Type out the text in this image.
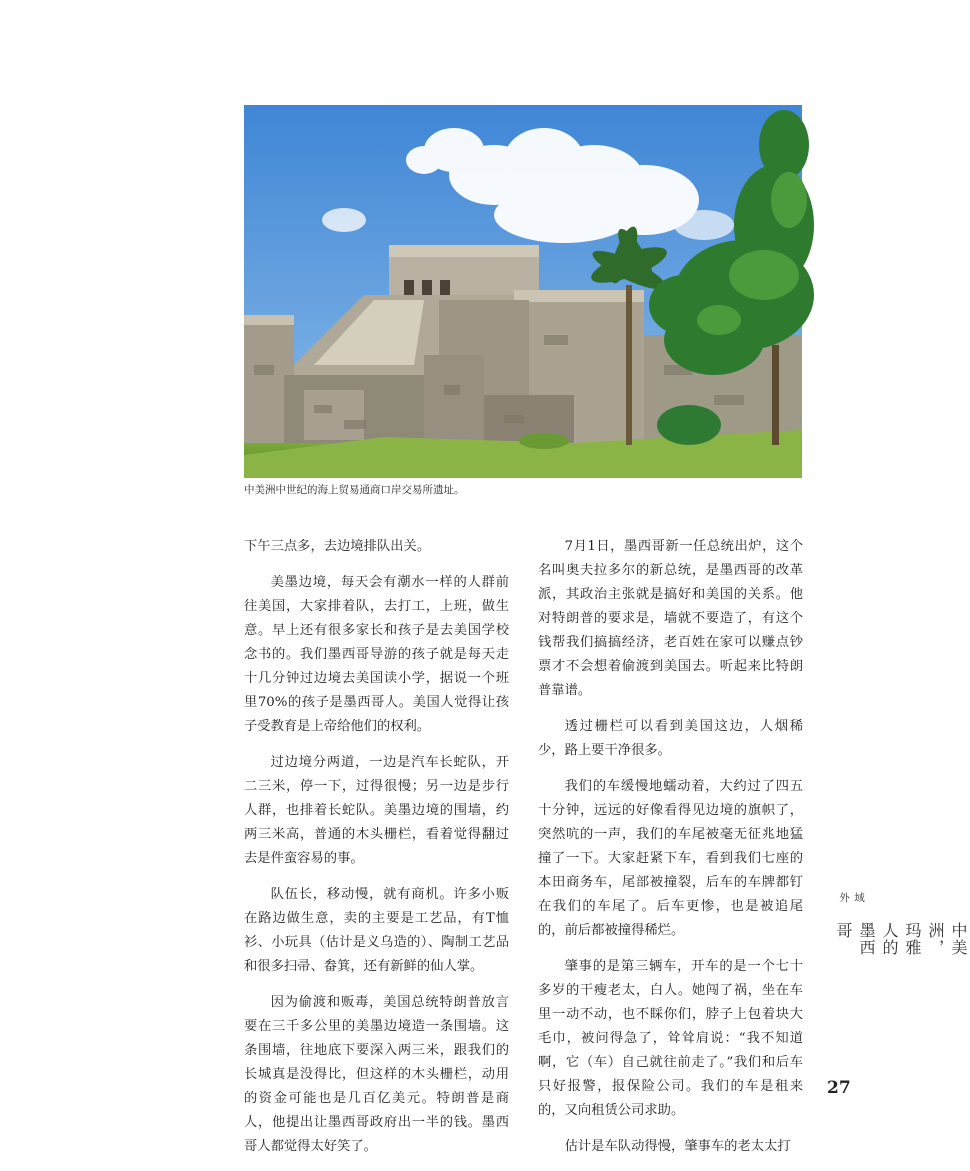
中美洲中世纪的海上贸易通商口岸交易所遗址。

下午三点多，去边境排队出关。

美墨边境，每天会有潮水一样的人群前往美国，大家排着队，去打工，上班，做生意。早上还有很多家长和孩子是去美国学校念书的。我们墨西哥导游的孩子就是每天走十几分钟过边境去美国读小学，据说一个班里70%的孩子是墨西哥人。美国人觉得让孩子受教育是上帝给他们的权利。

过边境分两道，一边是汽车长蛇队，开二三米，停一下，过得很慢；另一边是步行人群，也排着长蛇队。美墨边境的围墙，约两三米高，普通的木头栅栏，看着觉得翻过去是件蛮容易的事。

队伍长，移动慢，就有商机。许多小贩在路边做生意，卖的主要是工艺品，有T恤衫、小玩具（估计是义乌造的）、陶制工艺品和很多扫帚、畚箕，还有新鲜的仙人掌。

因为偷渡和贩毒，美国总统特朗普放言要在三千多公里的美墨边境造一条围墙。这条围墙，往地底下要深入两三米，跟我们的长城真是没得比，但这样的木头栅栏，动用的资金可能也是几百亿美元。特朗普是商人，他提出让墨西哥政府出一半的钱。墨西哥人都觉得太好笑了。

7月1日，墨西哥新一任总统出炉，这个名叫奥夫拉多尔的新总统，是墨西哥的改革派，其政治主张就是搞好和美国的关系。他对特朗普的要求是，墙就不要造了，有这个钱帮我们搞搞经济，老百姓在家可以赚点钞票才不会想着偷渡到美国去。听起来比特朗普靠谱。

透过栅栏可以看到美国这边，人烟稀少，路上要干净很多。

我们的车缓慢地蠕动着，大约过了四五十分钟，远远的好像看得见边境的旗帜了，突然吭的一声，我们的车尾被毫无征兆地猛撞了一下。大家赶紧下车，看到我们七座的本田商务车，尾部被撞裂，后车的车牌都钉在我们的车尾了。后车更惨，也是被追尾的，前后都被撞得稀烂。

肇事的是第三辆车，开车的是一个七十多岁的干瘦老太，白人。她闯了祸，坐在车里一动不动，也不睬你们，脖子上包着块大毛巾，被问得急了，耸耸肩说：“我不知道啊，它（车）自己就往前走了。”我们和后车只好报警，报保险公司。我们的车是租来的，又向租赁公司求助。

估计是车队动得慢，肇事车的老太太打

域外
中美洲，玛雅人的墨西哥
27
